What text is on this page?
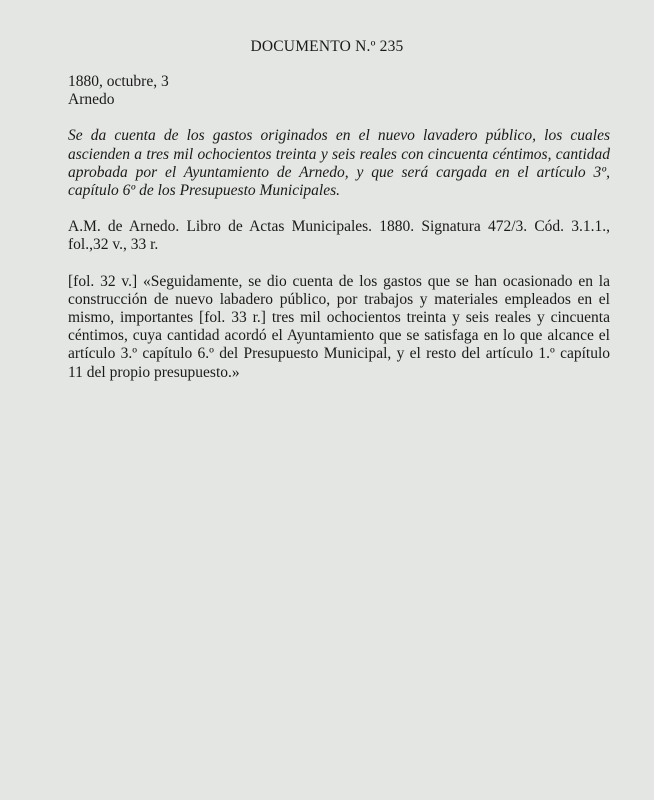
DOCUMENTO N.º 235
1880, octubre, 3
Arnedo

Se da cuenta de los gastos originados en el nuevo lavadero público, los cuales ascienden a tres mil ochocientos treinta y seis reales con cincuenta céntimos, cantidad aprobada por el Ayuntamiento de Arnedo, y que será cargada en el artículo 3º, capítulo 6º de los Presupuesto Municipales.

A.M. de Arnedo. Libro de Actas Municipales. 1880. Signatura 472/3. Cód. 3.1.1., fol.,32 v., 33 r.

[fol. 32 v.] «Seguidamente, se dio cuenta de los gastos que se han ocasionado en la construcción de nuevo labadero público, por trabajos y materiales empleados en el mismo, importantes [fol. 33 r.] tres mil ochocientos treinta y seis reales y cincuenta céntimos, cuya cantidad acordó el Ayuntamiento que se satisfaga en lo que alcance el artículo 3.º capítulo 6.º del Presupuesto Municipal, y el resto del artículo 1.º capítulo 11 del propio presupuesto.»
